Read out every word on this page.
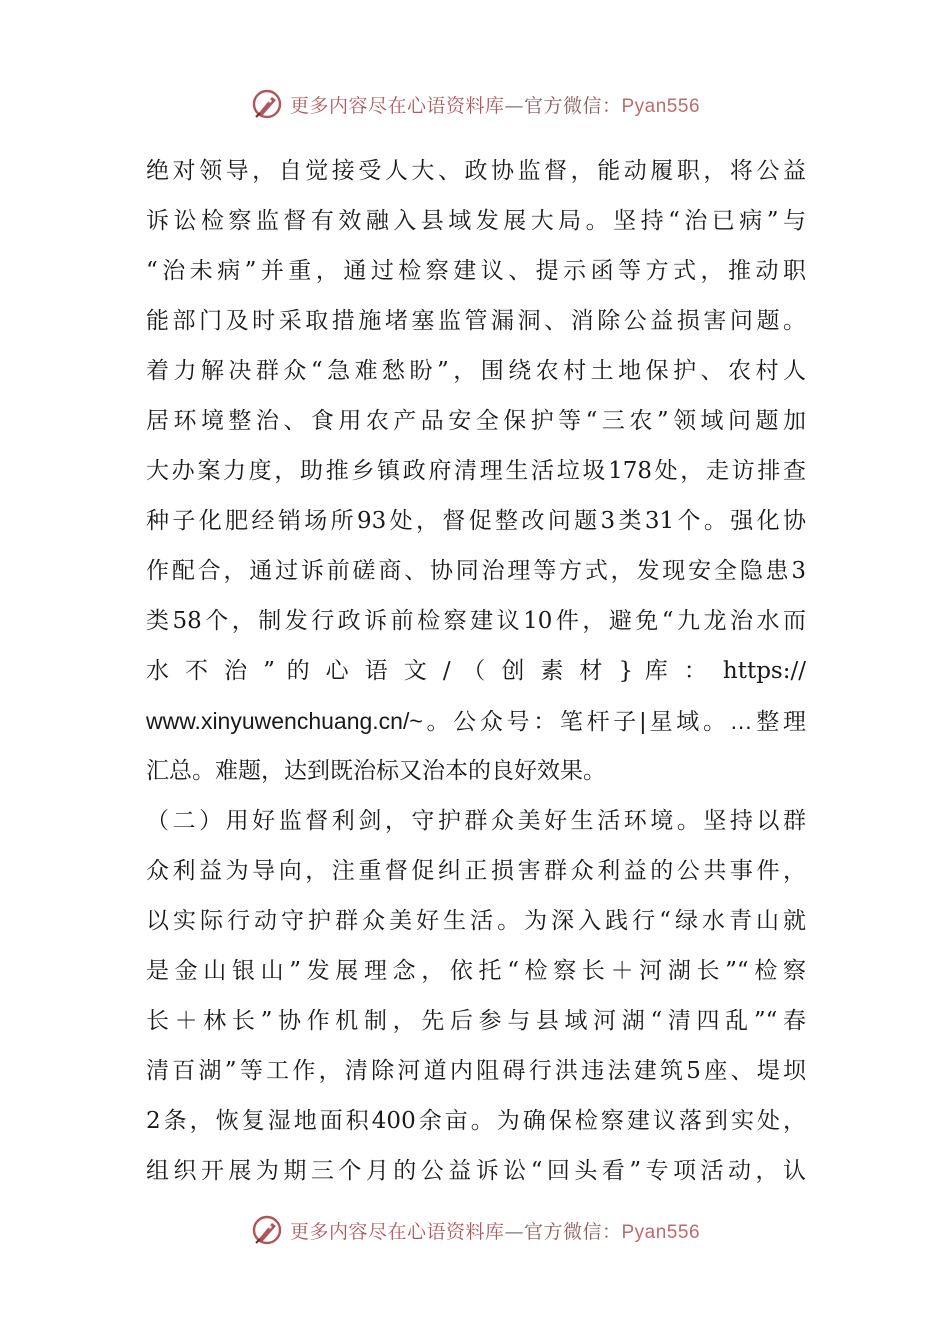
更多内容尽在心语资料库—官方微信：Pyan556
绝对领导，自觉接受人大、政协监督，能动履职，将公益
诉讼检察监督有效融入县域发展大局。坚持“治已病”与
“治未病”并重，通过检察建议、提示函等方式，推动职
能部门及时采取措施堵塞监管漏洞、消除公益损害问题。
着力解决群众“急难愁盼”，围绕农村土地保护、农村人
居环境整治、食用农产品安全保护等“三农”领域问题加
大办案力度，助推乡镇政府清理生活垃圾178处，走访排查
种子化肥经销场所93处，督促整改问题3类31个。强化协
作配合，通过诉前磋商、协同治理等方式，发现安全隐患3
类58个，制发行政诉前检察建议10件，避免“九龙治水而
水 不 治 ” 的 心 语 文 / （ 创 素 材 } 库 ： https://
www.xinyuwenchuang.cn/~。公众号：笔杆子|星域。…整理
汇总。难题，达到既治标又治本的良好效果。
（二）用好监督利剑，守护群众美好生活环境。坚持以群
众利益为导向，注重督促纠正损害群众利益的公共事件，
以实际行动守护群众美好生活。为深入践行“绿水青山就
是金山银山”发展理念，依托“检察长＋河湖长”“检察
长＋林长”协作机制，先后参与县域河湖“清四乱”“春
清百湖”等工作，清除河道内阻碍行洪违法建筑5座、堤坝
2条，恢复湿地面积400余亩。为确保检察建议落到实处，
组织开展为期三个月的公益诉讼“回头看”专项活动，认
更多内容尽在心语资料库—官方微信：Pyan556
